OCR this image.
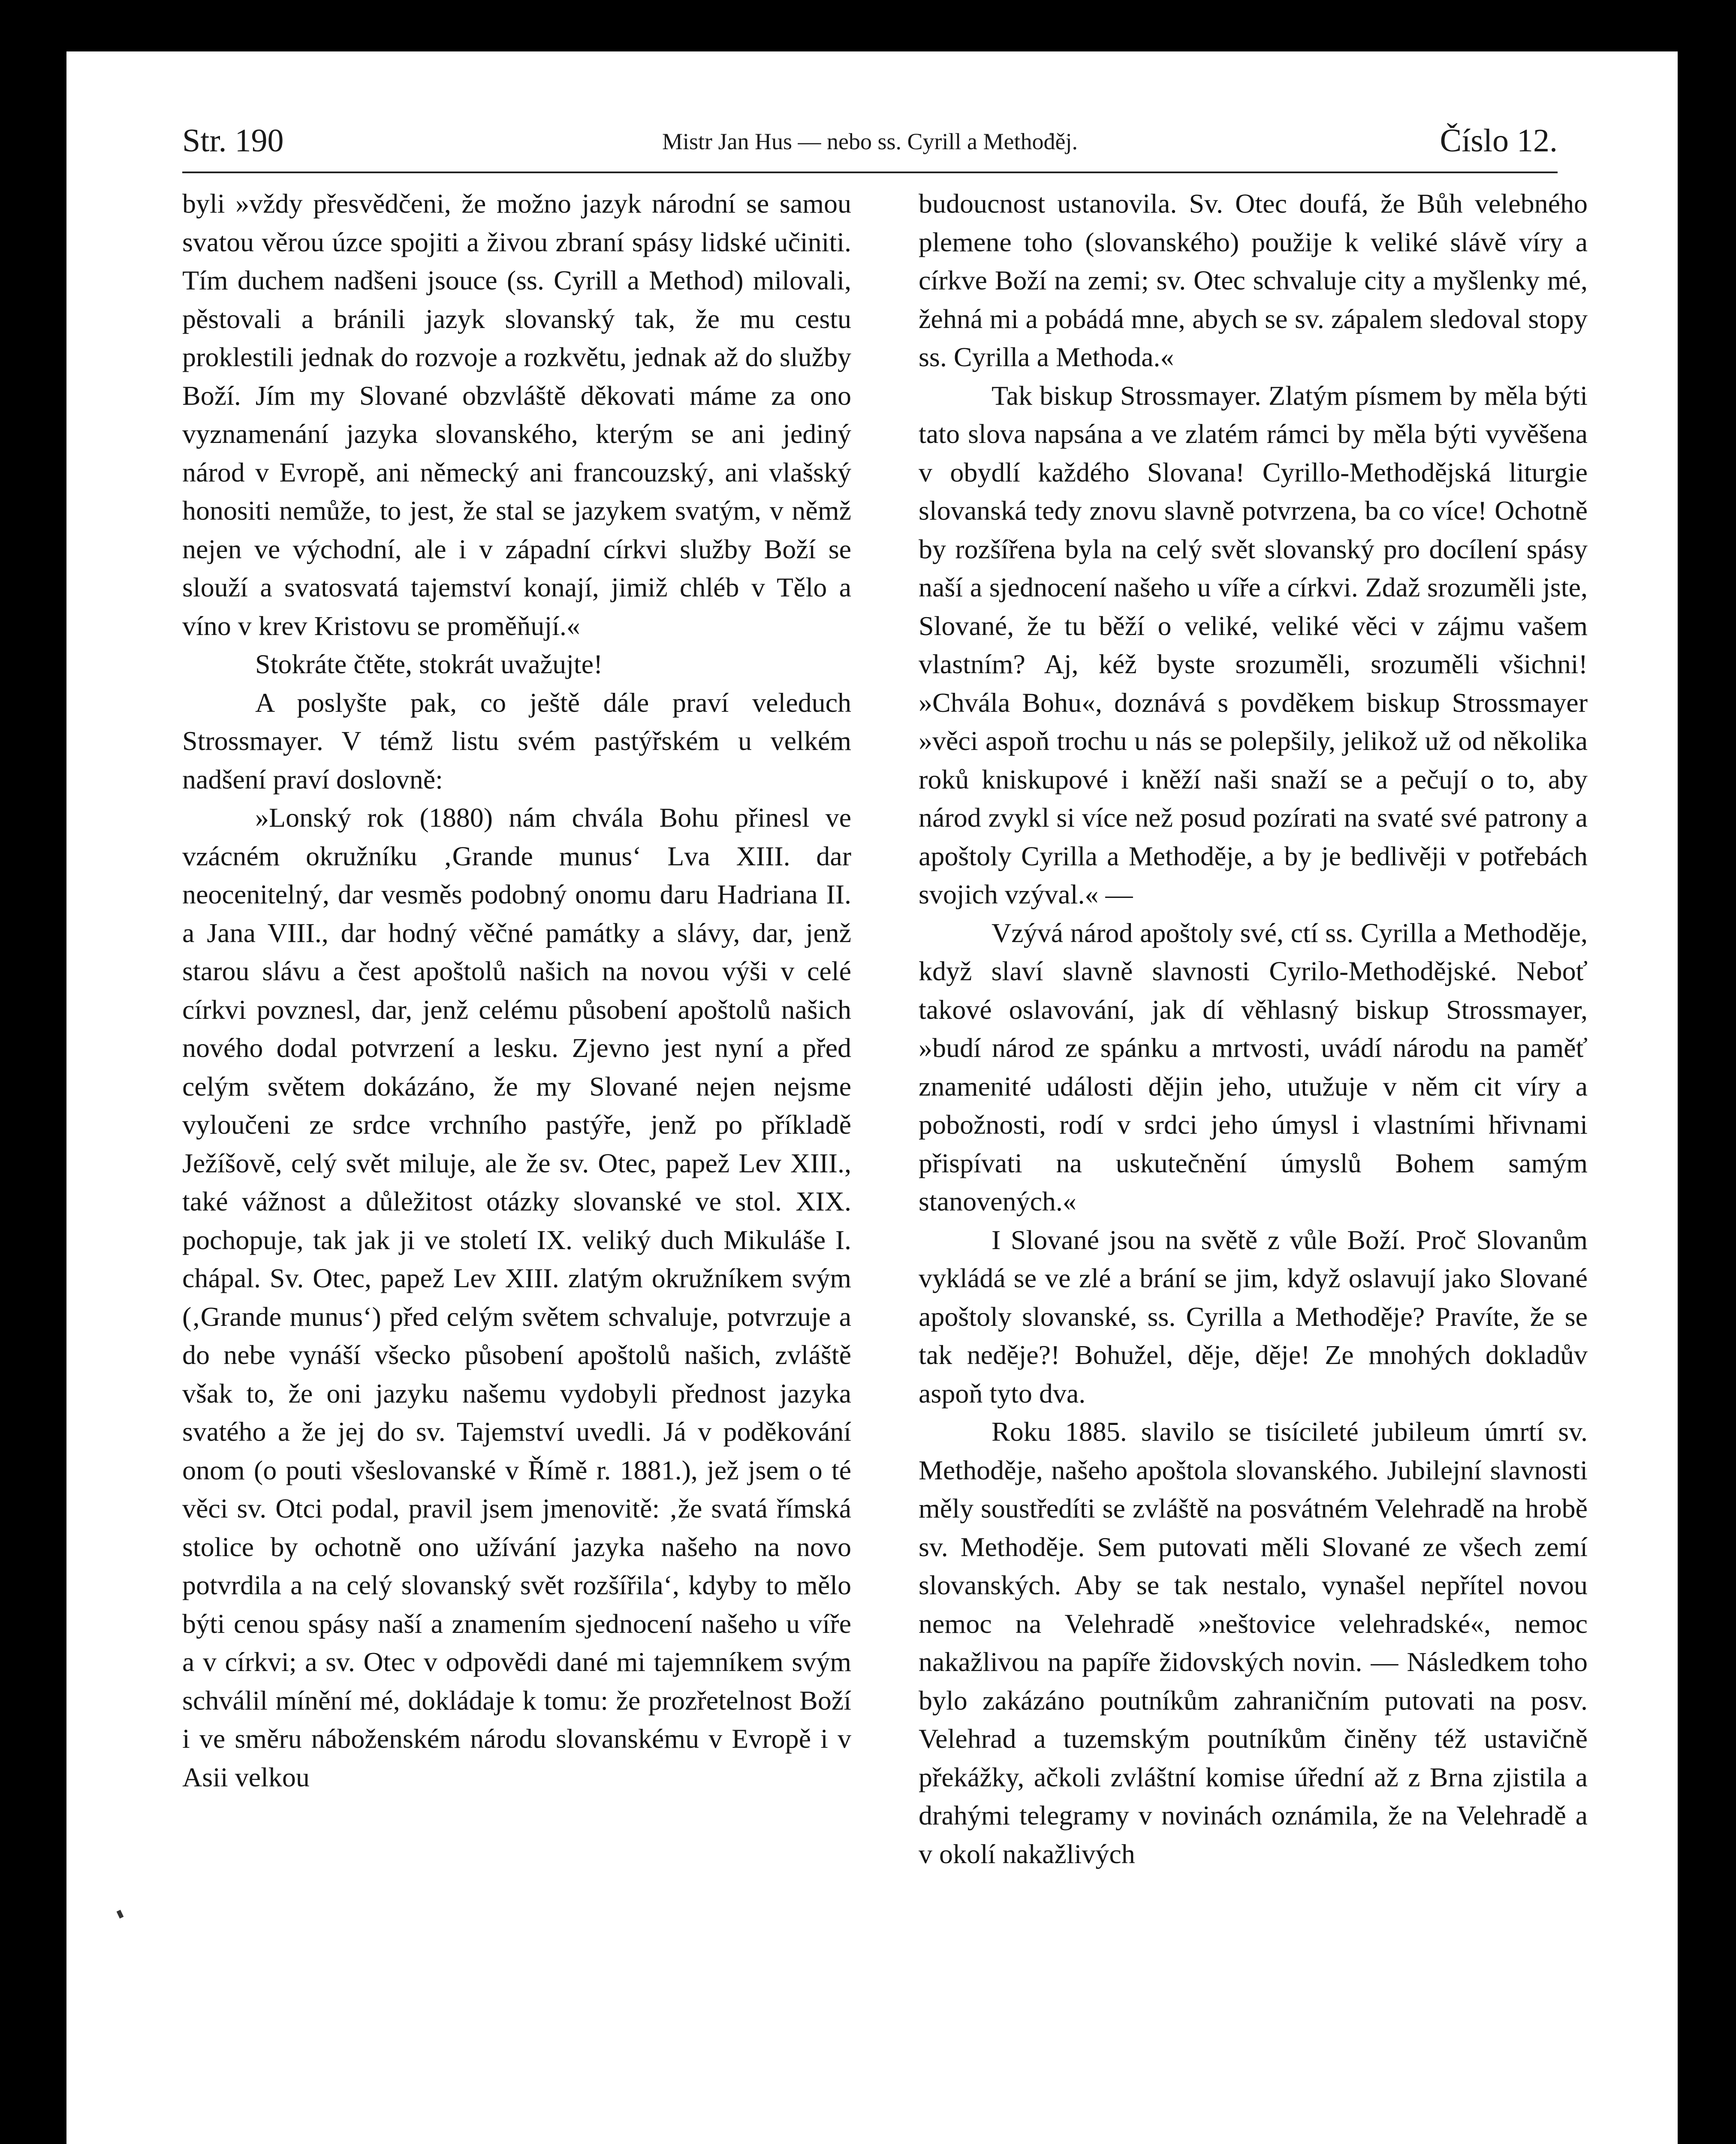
Str. 190	Mistr Jan Hus — nebo ss. Cyrill a Methoděj.	Číslo 12.

byli »vždy přesvědčeni, že možno jazyk národní se samou svatou věrou úzce spojiti a živou zbraní spásy lidské učiniti. Tím duchem nadšeni jsouce (ss. Cyrill a Method) milovali, pěstovali a bránili jazyk slovanský tak, že mu cestu proklestili jednak do rozvoje a rozkvětu, jednak až do služby Boží. Jím my Slované obzvláště děkovati máme za ono vyznamenání jazyka slovanského, kterým se ani jediný národ v Evropě, ani německý ani francouzský, ani vlašský honositi nemůže, to jest, že stal se jazykem svatým, v němž nejen ve východní, ale i v západní církvi služby Boží se slouží a svatosvatá tajemství konají, jimiž chléb v Tělo a víno v krev Kristovu se proměňují.«

Stokráte čtěte, stokrát uvažujte!

A poslyšte pak, co ještě dále praví veleduch Strossmayer. V témž listu svém pastýřském u velkém nadšení praví doslovně:

»Lonský rok (1880) nám chvála Bohu přinesl ve vzácném okružníku ‚Grande munus‘ Lva XIII. dar neocenitelný, dar vesměs podobný onomu daru Hadriana II. a Jana VIII., dar hodný věčné památky a slávy, dar, jenž starou slávu a čest apoštolů našich na novou výši v celé církvi povznesl, dar, jenž celému působení apoštolů našich nového dodal potvrzení a lesku. Zjevno jest nyní a před celým světem dokázáno, že my Slované nejen nejsme vyloučeni ze srdce vrchního pastýře, jenž po příkladě Ježíšově, celý svět miluje, ale že sv. Otec, papež Lev XIII., také vážnost a důležitost otázky slovanské ve stol. XIX. pochopuje, tak jak ji ve století IX. veliký duch Mikuláše I. chápal. Sv. Otec, papež Lev XIII. zlatým okružníkem svým (‚Grande munus‘) před celým světem schvaluje, potvrzuje a do nebe vynáší všecko působení apoštolů našich, zvláště však to, že oni jazyku našemu vydobyli přednost jazyka svatého a že jej do sv. Tajemství uvedli. Já v poděkování onom (o pouti všeslovanské v Římě r. 1881.), jež jsem o té věci sv. Otci podal, pravil jsem jmenovitě: ‚že svatá římská stolice by ochotně ono užívání jazyka našeho na novo potvrdila a na celý slovanský svět rozšířila‘, kdyby to mělo býti cenou spásy naší a znamením sjednocení našeho u víře a v církvi; a sv. Otec v odpovědi dané mi tajemníkem svým schválil mínění mé, dokládaje k tomu: že prozřetelnost Boží i ve směru náboženském národu slovanskému v Evropě i v Asii velkou

budoucnost ustanovila. Sv. Otec doufá, že Bůh velebného plemene toho (slovanského) použije k veliké slávě víry a církve Boží na zemi; sv. Otec schvaluje city a myšlenky mé, žehná mi a pobádá mne, abych se sv. zápalem sledoval stopy ss. Cyrilla a Methoda.«

Tak biskup Strossmayer. Zlatým písmem by měla býti tato slova napsána a ve zlatém rámci by měla býti vyvěšena v obydlí každého Slovana! Cyrillo-Methodějská liturgie slovanská tedy znovu slavně potvrzena, ba co více! Ochotně by rozšířena byla na celý svět slovanský pro docílení spásy naší a sjednocení našeho u víře a církvi. Zdaž srozuměli jste, Slované, že tu běží o veliké, veliké věci v zájmu vašem vlastním? Aj, kéž byste srozuměli, srozuměli všichni! »Chvála Bohu«, doznává s povděkem biskup Strossmayer »věci aspoň trochu u nás se polepšily, jelikož už od několika roků kniskupové i kněží naši snaží se a pečují o to, aby národ zvykl si více než posud pozírati na svaté své patrony a apoštoly Cyrilla a Methoděje, a by je bedlivěji v potřebách svojich vzýval.« —

Vzývá národ apoštoly své, ctí ss. Cyrilla a Methoděje, když slaví slavně slavnosti Cyrilo-Methodějské. Neboť takové oslavování, jak dí věhlasný biskup Strossmayer, »budí národ ze spánku a mrtvosti, uvádí národu na paměť znamenité události dějin jeho, utužuje v něm cit víry a pobožnosti, rodí v srdci jeho úmysl i vlastními hřivnami přispívati na uskutečnění úmyslů Bohem samým stanovených.«

I Slované jsou na světě z vůle Boží. Proč Slovanům vykládá se ve zlé a brání se jim, když oslavují jako Slované apoštoly slovanské, ss. Cyrilla a Methoděje? Pravíte, že se tak neděje?! Bohužel, děje, děje! Ze mnohých dokladův aspoň tyto dva.

Roku 1885. slavilo se tisícileté jubileum úmrtí sv. Methoděje, našeho apoštola slovanského. Jubilejní slavnosti měly soustředíti se zvláště na posvátném Velehradě na hrobě sv. Methoděje. Sem putovati měli Slované ze všech zemí slovanských. Aby se tak nestalo, vynašel nepřítel novou nemoc na Velehradě »neštovice velehradské«, nemoc nakažlivou na papíře židovských novin. — Následkem toho bylo zakázáno poutníkům zahraničním putovati na posv. Velehrad a tuzemským poutníkům činěny též ustavičně překážky, ačkoli zvláštní komise úřední až z Brna zjistila a drahými telegramy v novinách oznámila, že na Velehradě a v okolí nakažlivých
